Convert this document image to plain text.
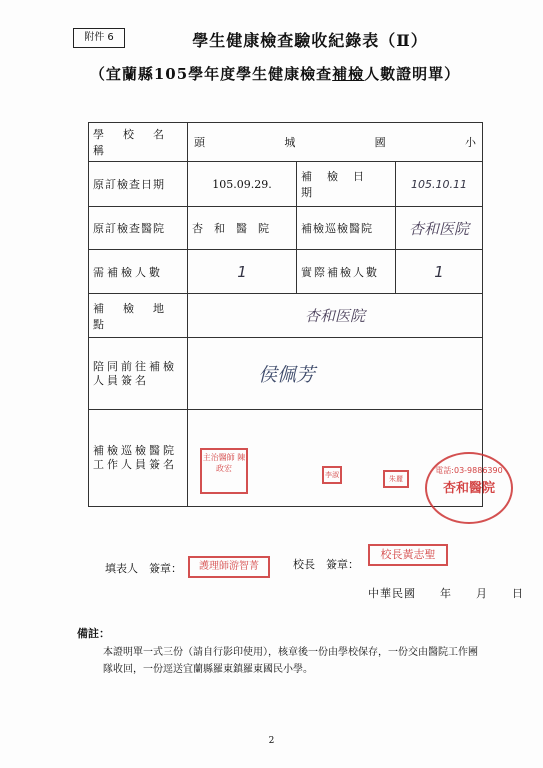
附件 6	學生健康檢查驗收紀錄表（Ⅱ）
（宜蘭縣105學年度學生健康檢查補檢人數證明單）
學　校　名　稱	頭 城 國 小		

原訂檢查日期	105.09.29.	補　檢　日　期	105.10.11
原訂檢查醫院	杏　和　醫　院	補檢巡檢醫院	杏和医院
需補檢人數	1	實際補檢人數	1
補　檢　地　點	杏和医院		
陪同前往補檢人員簽名	侯佩芳		
補檢巡檢醫院工作人員簽名			
主治醫師 陳政宏
李淑	朱麗
電話:03-9886390
杏和醫院
填表人　簽章：	護理師游智菁	校長　簽章：
校長黃志聖
中華民國　　年　　月　　日
備註：
本證明單一式三份（請自行影印使用），核章後一份由學校保存，一份交由醫院工作團
隊收回，一份逕送宜蘭縣羅東鎮羅東國民小學。
2
